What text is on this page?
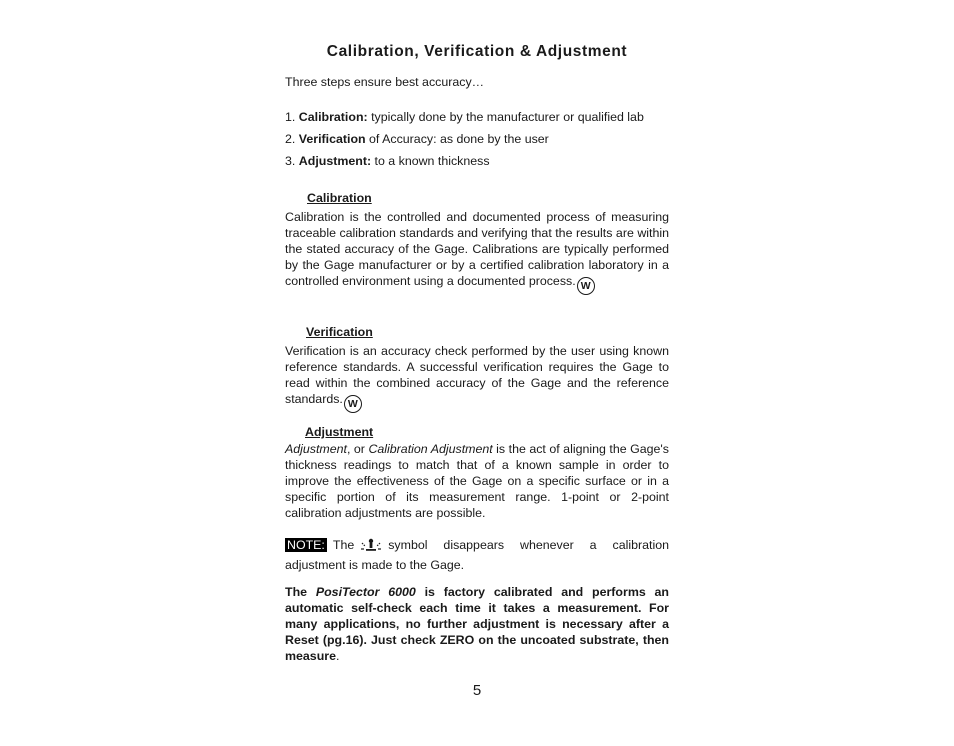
Calibration, Verification & Adjustment
Three steps ensure best accuracy…
1. Calibration: typically done by the manufacturer or qualified lab
2. Verification of Accuracy: as done by the user
3. Adjustment: to a known thickness
Calibration
Calibration is the controlled and documented process of measuring traceable calibration standards and verifying that the results are within the stated accuracy of the Gage. Calibrations are typically performed by the Gage manufacturer or by a certified calibration laboratory in a controlled environment using a documented process. W
Verification
Verification is an accuracy check performed by the user using known reference standards. A successful verification requires the Gage to read within the combined accuracy of the Gage and the reference standards. W
Adjustment
Adjustment, or Calibration Adjustment is the act of aligning the Gage's thickness readings to match that of a known sample in order to improve the effectiveness of the Gage on a specific surface or in a specific portion of its measurement range. 1-point or 2-point calibration adjustments are possible.
NOTE: The	symbol disappears whenever a calibration adjustment is made to the Gage.
The PosiTector 6000 is factory calibrated and performs an automatic self-check each time it takes a measurement. For many applications, no further adjustment is necessary after a Reset (pg.16). Just check ZERO on the uncoated substrate, then measure.
5
